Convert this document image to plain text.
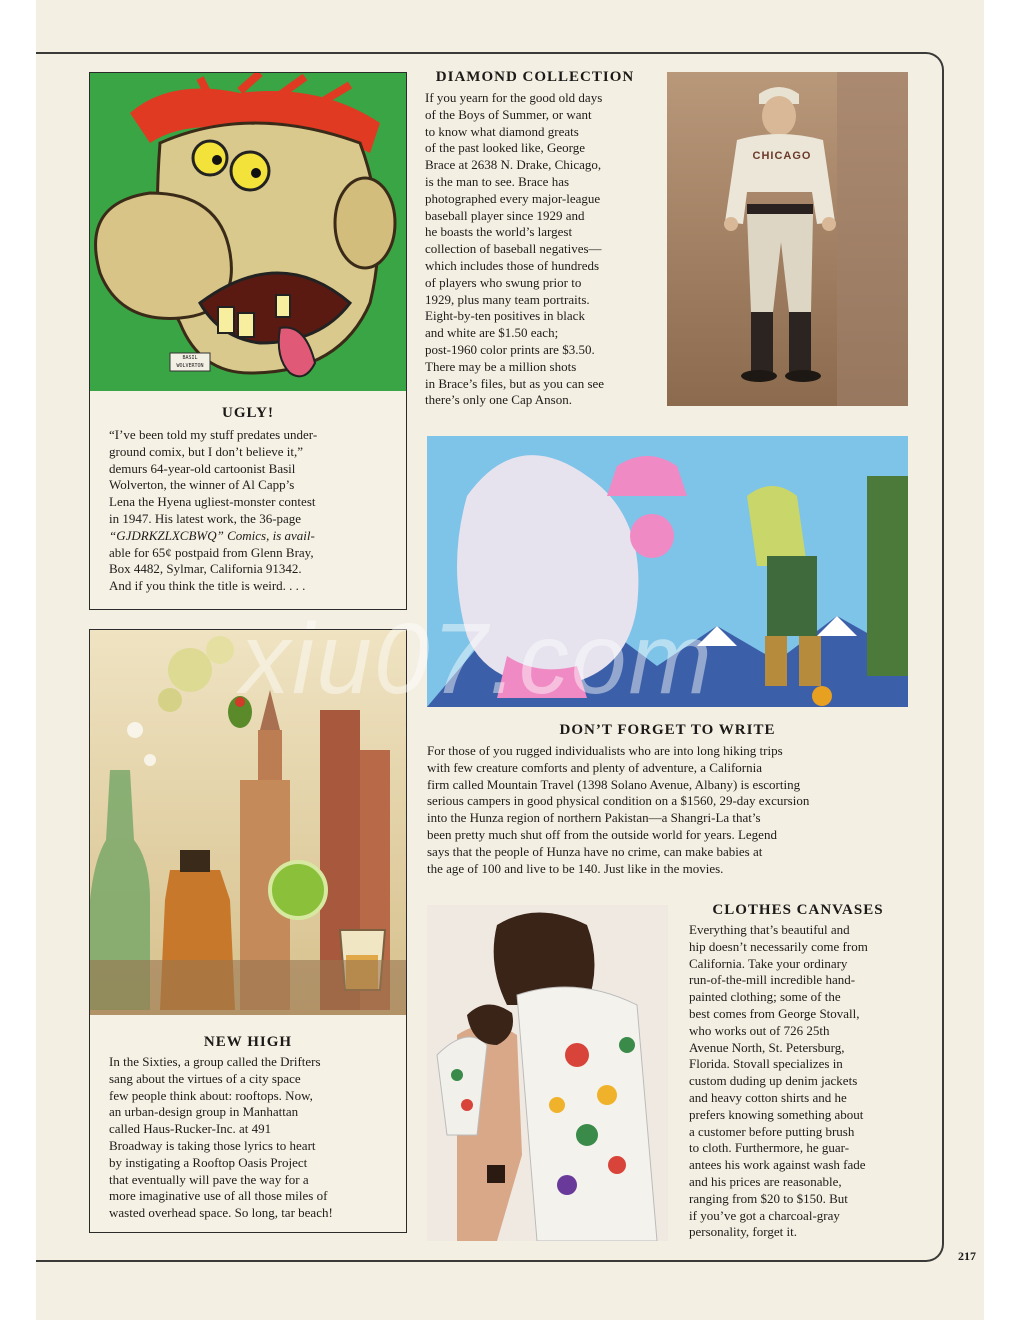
BASIL WOLVERTON
UGLY!
“I’ve been told my stuff predates under-
ground comix, but I don’t believe it,”
demurs 64-year-old cartoonist Basil
Wolverton, the winner of Al Capp’s
Lena the Hyena ugliest-monster contest
in 1947. His latest work, the 36-page
“GJDRKZLXCBWQ” Comics, is avail-
able for 65¢ postpaid from Glenn Bray,
Box 4482, Sylmar, California 91342.
And if you think the title is weird. . . .
DIAMOND COLLECTION
If you yearn for the good old days
of the Boys of Summer, or want
to know what diamond greats
of the past looked like, George
Brace at 2638 N. Drake, Chicago,
is the man to see. Brace has
photographed every major-league
baseball player since 1929 and
he boasts the world’s largest
collection of baseball negatives—
which includes those of hundreds
of players who swung prior to
1929, plus many team portraits.
Eight-by-ten positives in black
and white are $1.50 each;
post-1960 color prints are $3.50.
There may be a million shots
in Brace’s files, but as you can see
there’s only one Cap Anson.
CHICAGO
DON’T FORGET TO WRITE
For those of you rugged individualists who are into long hiking trips
with few creature comforts and plenty of adventure, a California
firm called Mountain Travel (1398 Solano Avenue, Albany) is escorting
serious campers in good physical condition on a $1560, 29-day excursion
into the Hunza region of northern Pakistan—a Shangri-La that’s
been pretty much shut off from the outside world for years. Legend
says that the people of Hunza have no crime, can make babies at
the age of 100 and live to be 140. Just like in the movies.
NEW HIGH
In the Sixties, a group called the Drifters
sang about the virtues of a city space
few people think about: rooftops. Now,
an urban-design group in Manhattan
called Haus-Rucker-Inc. at 491
Broadway is taking those lyrics to heart
by instigating a Rooftop Oasis Project
that eventually will pave the way for a
more imaginative use of all those miles of
wasted overhead space. So long, tar beach!
CLOTHES CANVASES
Everything that’s beautiful and
hip doesn’t necessarily come from
California. Take your ordinary
run-of-the-mill incredible hand-
painted clothing; some of the
best comes from George Stovall,
who works out of 726 25th
Avenue North, St. Petersburg,
Florida. Stovall specializes in
custom duding up denim jackets
and heavy cotton shirts and he
prefers knowing something about
a customer before putting brush
to cloth. Furthermore, he guar-
antees his work against wash fade
and his prices are reasonable,
ranging from $20 to $150. But
if you’ve got a charcoal-gray
personality, forget it.
xiu07.com
217
